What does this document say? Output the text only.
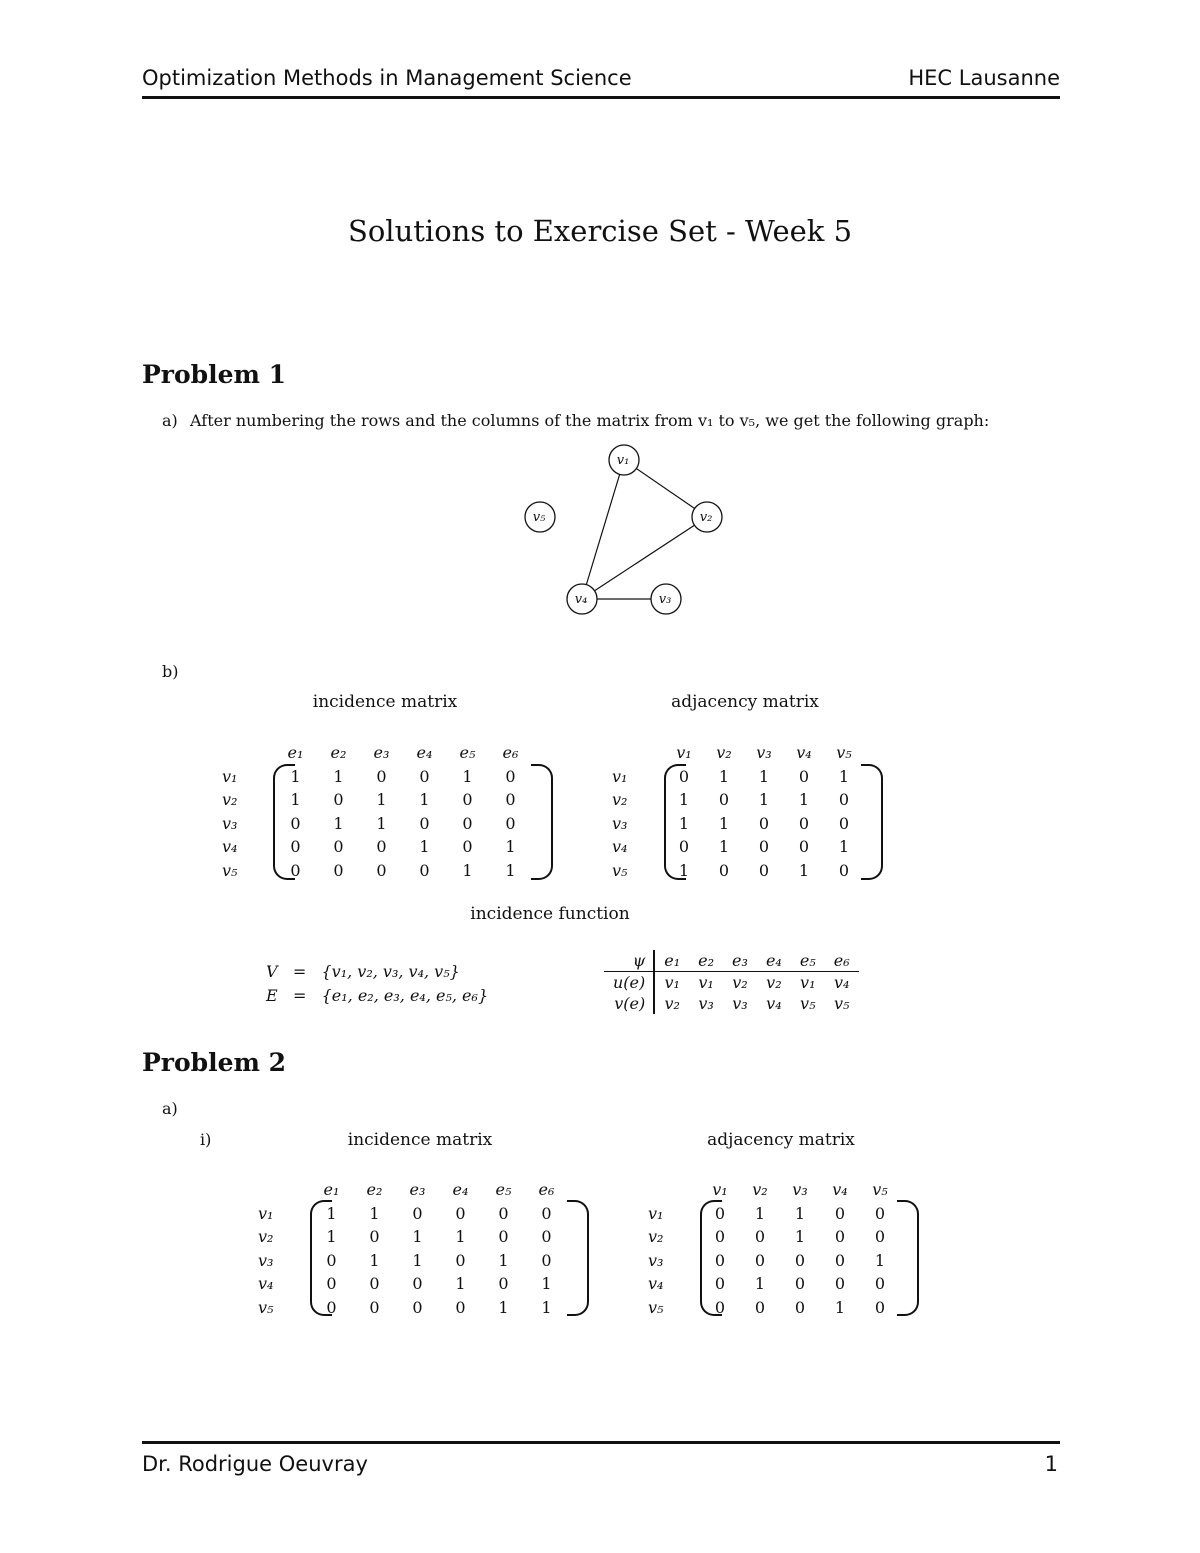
Optimization Methods in Management Science	HEC Lausanne
Solutions to Exercise Set - Week 5
Problem 1
a) After numbering the rows and the columns of the matrix from v₁ to v₅, we get the following graph:
v₁
v₂
v₃
v₄
v₅
b)
incidence matrix	adjacency matrix
	e₁	e₂	e₃	e₄	e₅	e₆
v₁	1	1	0	0	1	0
v₂	1	0	1	1	0	0
v₃	0	1	1	0	0	0
v₄	0	0	0	1	0	1
v₅	0	0	0	0	1	1
	v₁	v₂	v₃	v₄	v₅
v₁	0	1	1	0	1
v₂	1	0	1	1	0
v₃	1	1	0	0	0
v₄	0	1	0	0	1
v₅	1	0	0	1	0
incidence function
V   =   {v₁, v₂, v₃, v₄, v₅}
E   =   {e₁, e₂, e₃, e₄, e₅, e₆}
ψ	e₁	e₂	e₃	e₄	e₅	e₆
u(e)	v₁	v₁	v₂	v₂	v₁	v₄
v(e)	v₂	v₃	v₃	v₄	v₅	v₅
Problem 2
a)
i)	incidence matrix	adjacency matrix
	e₁	e₂	e₃	e₄	e₅	e₆
v₁	1	1	0	0	0	0
v₂	1	0	1	1	0	0
v₃	0	1	1	0	1	0
v₄	0	0	0	1	0	1
v₅	0	0	0	0	1	1
	v₁	v₂	v₃	v₄	v₅
v₁	0	1	1	0	0
v₂	0	0	1	0	0
v₃	0	0	0	0	1
v₄	0	1	0	0	0
v₅	0	0	0	1	0
Dr. Rodrigue Oeuvray	1
